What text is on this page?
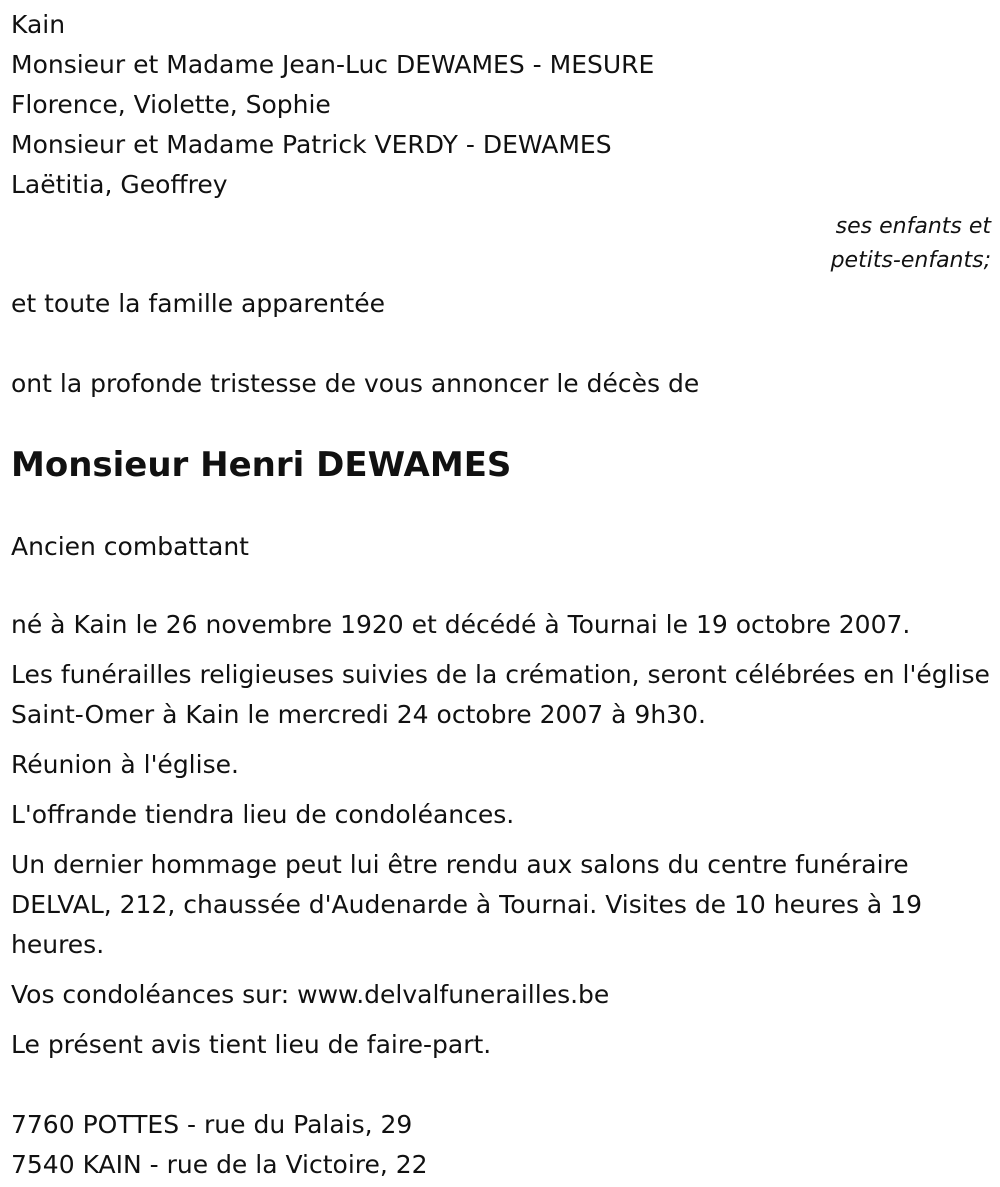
Kain
Monsieur et Madame Jean-Luc DEWAMES - MESURE
Florence, Violette, Sophie
Monsieur et Madame Patrick VERDY - DEWAMES
Laëtitia, Geoffrey
ses enfants et
petits-enfants;
et toute la famille apparentée
ont la profonde tristesse de vous annoncer le décès de
Monsieur Henri DEWAMES
Ancien combattant
né à Kain le 26 novembre 1920 et décédé à Tournai le 19 octobre 2007.
Les funérailles religieuses suivies de la crémation, seront célébrées en l'église Saint-Omer à Kain le mercredi 24 octobre 2007 à 9h30.
Réunion à l'église.
L'offrande tiendra lieu de condoléances.
Un dernier hommage peut lui être rendu aux salons du centre funéraire DELVAL, 212, chaussée d'Audenarde à Tournai. Visites de 10 heures à 19 heures.
Vos condoléances sur: www.delvalfunerailles.be
Le présent avis tient lieu de faire-part.
7760 POTTES - rue du Palais, 29
7540 KAIN - rue de la Victoire, 22
